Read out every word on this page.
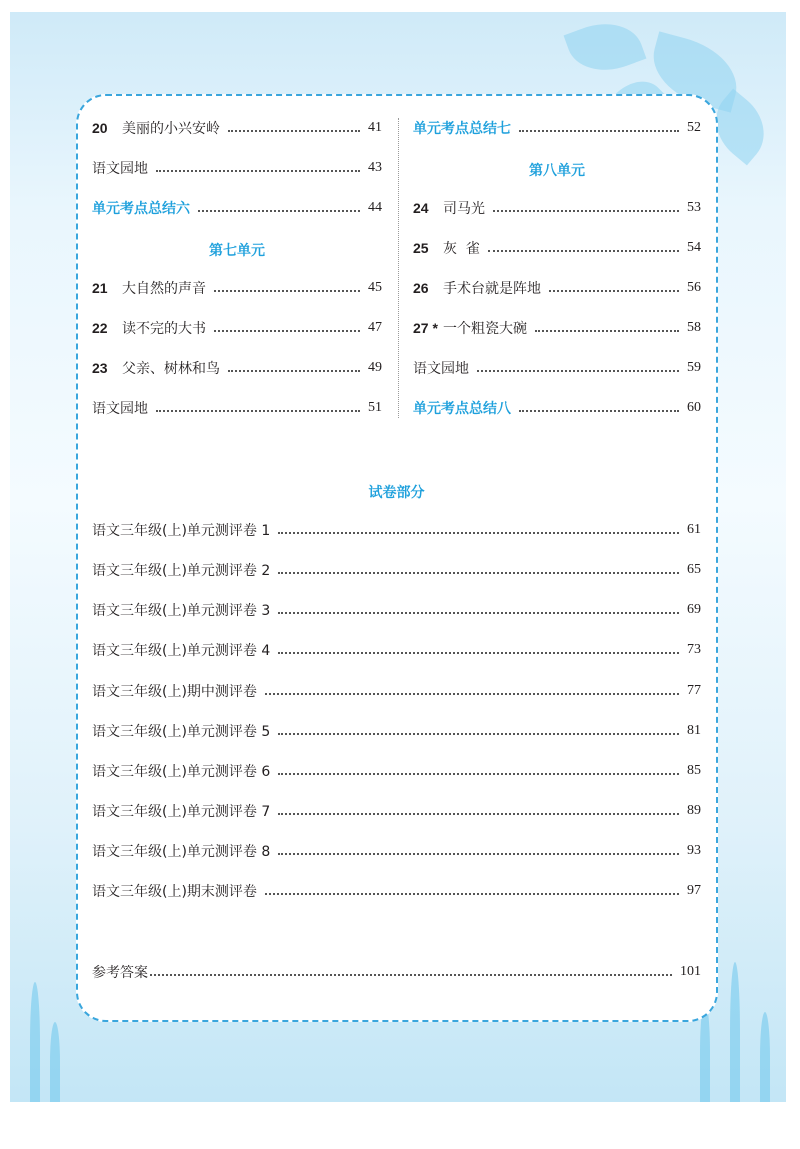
20	美丽的小兴安岭	41
语文园地	43
单元考点总结六	44
第七单元
21	大自然的声音	45
22	读不完的大书	47
23	父亲、树林和鸟	49
语文园地	51
单元考点总结七	52
第八单元
24	司马光	53
25	灰  雀	54
26	手术台就是阵地	56
27 * 一个粗瓷大碗	58
语文园地	59
单元考点总结八	60
试卷部分
语文三年级(上)单元测评卷 1	61
语文三年级(上)单元测评卷 2	65
语文三年级(上)单元测评卷 3	69
语文三年级(上)单元测评卷 4	73
语文三年级(上)期中测评卷	77
语文三年级(上)单元测评卷 5	81
语文三年级(上)单元测评卷 6	85
语文三年级(上)单元测评卷 7	89
语文三年级(上)单元测评卷 8	93
语文三年级(上)期末测评卷	97
参考答案	101
